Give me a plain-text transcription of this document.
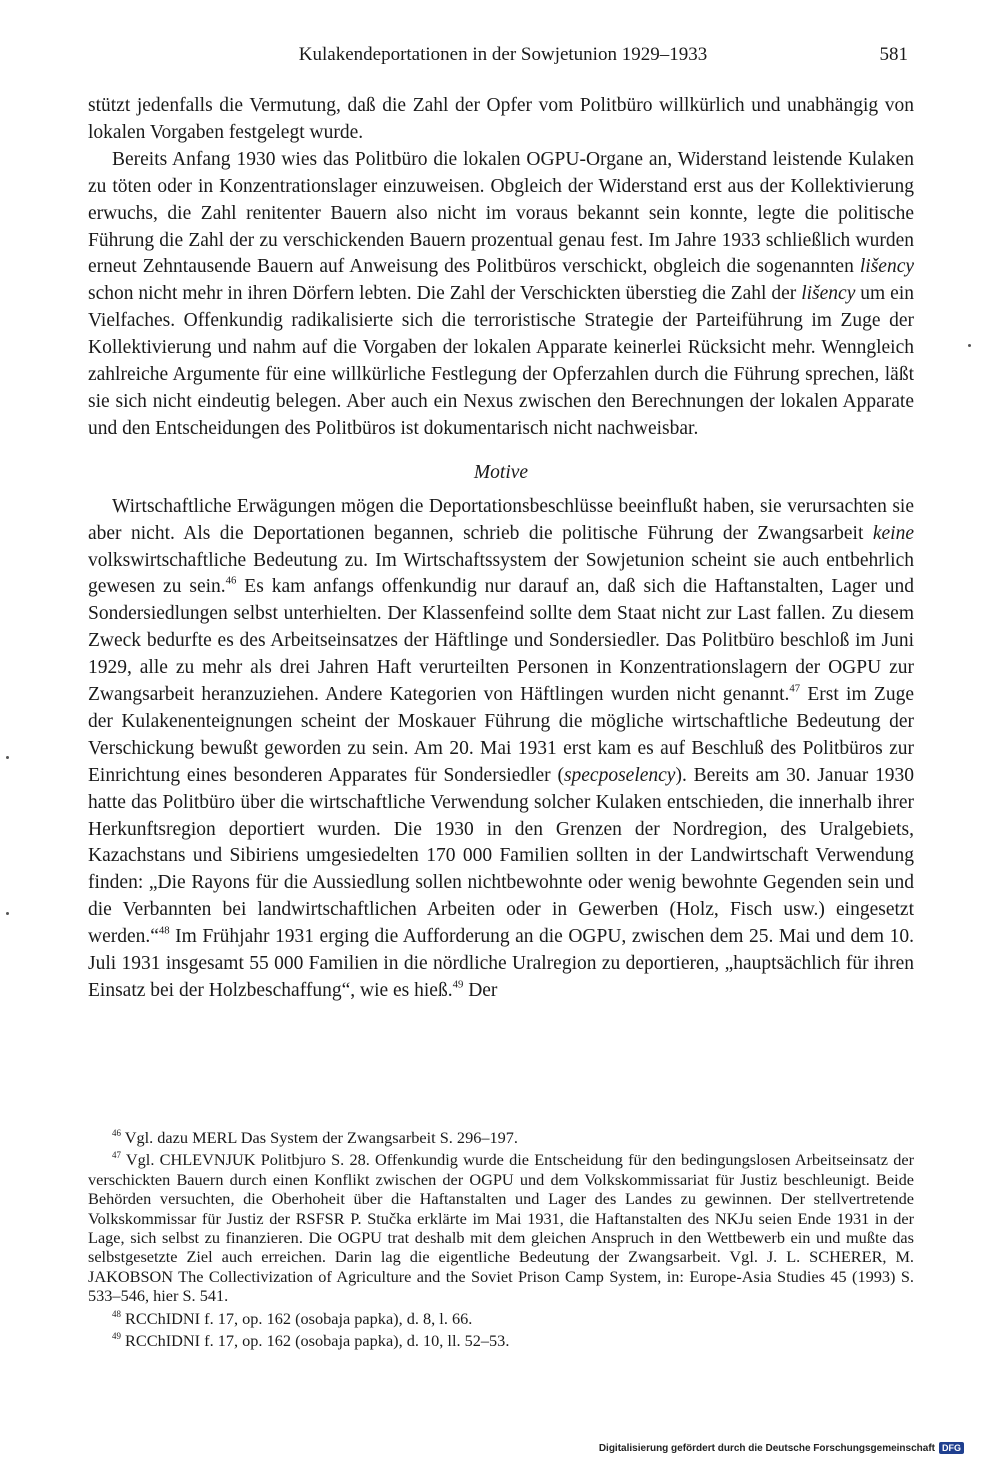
Kulakendeportationen in der Sowjetunion 1929–1933	581

stützt jedenfalls die Vermutung, daß die Zahl der Opfer vom Politbüro willkürlich und unabhängig von lokalen Vorgaben festgelegt wurde.

Bereits Anfang 1930 wies das Politbüro die lokalen OGPU-Organe an, Widerstand leistende Kulaken zu töten oder in Konzentrationslager einzuweisen. Obgleich der Widerstand erst aus der Kollektivierung erwuchs, die Zahl renitenter Bauern also nicht im voraus bekannt sein konnte, legte die politische Führung die Zahl der zu verschickenden Bauern prozentual genau fest. Im Jahre 1933 schließlich wurden erneut Zehntausende Bauern auf Anweisung des Politbüros verschickt, obgleich die sogenannten lišency schon nicht mehr in ihren Dörfern lebten. Die Zahl der Verschickten überstieg die Zahl der lišency um ein Vielfaches. Offenkundig radikalisierte sich die terroristische Strategie der Parteiführung im Zuge der Kollektivierung und nahm auf die Vorgaben der lokalen Apparate keinerlei Rücksicht mehr. Wenngleich zahlreiche Argumente für eine willkürliche Festlegung der Opferzahlen durch die Führung sprechen, läßt sie sich nicht eindeutig belegen. Aber auch ein Nexus zwischen den Berechnungen der lokalen Apparate und den Entscheidungen des Politbüros ist dokumentarisch nicht nachweisbar.

Motive

Wirtschaftliche Erwägungen mögen die Deportationsbeschlüsse beeinflußt haben, sie verursachten sie aber nicht. Als die Deportationen begannen, schrieb die politische Führung der Zwangsarbeit keine volkswirtschaftliche Bedeutung zu. Im Wirtschaftssystem der Sowjetunion scheint sie auch entbehrlich gewesen zu sein.$^{46}$ Es kam anfangs offenkundig nur darauf an, daß sich die Haftanstalten, Lager und Sondersiedlungen selbst unterhielten. Der Klassenfeind sollte dem Staat nicht zur Last fallen. Zu diesem Zweck bedurfte es des Arbeitseinsatzes der Häftlinge und Sondersiedler. Das Politbüro beschloß im Juni 1929, alle zu mehr als drei Jahren Haft verurteilten Personen in Konzentrationslagern der OGPU zur Zwangsarbeit heranzuziehen. Andere Kategorien von Häftlingen wurden nicht genannt.$^{47}$ Erst im Zuge der Kulakenenteignungen scheint der Moskauer Führung die mögliche wirtschaftliche Bedeutung der Verschickung bewußt geworden zu sein. Am 20. Mai 1931 erst kam es auf Beschluß des Politbüros zur Einrichtung eines besonderen Apparates für Sondersiedler (specposelency). Bereits am 30. Januar 1930 hatte das Politbüro über die wirtschaftliche Verwendung solcher Kulaken entschieden, die innerhalb ihrer Herkunftsregion deportiert wurden. Die 1930 in den Grenzen der Nordregion, des Uralgebiets, Kazachstans und Sibiriens umgesiedelten 170 000 Familien sollten in der Landwirtschaft Verwendung finden: „Die Rayons für die Aussiedlung sollen nichtbewohnte oder wenig bewohnte Gegenden sein und die Verbannten bei landwirtschaftlichen Arbeiten oder in Gewerben (Holz, Fisch usw.) eingesetzt werden.“$^{48}$ Im Frühjahr 1931 erging die Aufforderung an die OGPU, zwischen dem 25. Mai und dem 10. Juli 1931 insgesamt 55 000 Familien in die nördliche Uralregion zu deportieren, „hauptsächlich für ihren Einsatz bei der Holzbeschaffung“, wie es hieß.$^{49}$ Der

$^{46}$ Vgl. dazu MERL Das System der Zwangsarbeit S. 296–197.

$^{47}$ Vgl. CHLEVNJUK Politbjuro S. 28. Offenkundig wurde die Entscheidung für den bedingungslosen Arbeitseinsatz der verschickten Bauern durch einen Konflikt zwischen der OGPU und dem Volkskommissariat für Justiz beschleunigt. Beide Behörden versuchten, die Oberhoheit über die Haftanstalten und Lager des Landes zu gewinnen. Der stellvertretende Volkskommissar für Justiz der RSFSR P. Stučka erklärte im Mai 1931, die Haftanstalten des NKJu seien Ende 1931 in der Lage, sich selbst zu finanzieren. Die OGPU trat deshalb mit dem gleichen Anspruch in den Wettbewerb ein und mußte das selbstgesetzte Ziel auch erreichen. Darin lag die eigentliche Bedeutung der Zwangsarbeit. Vgl. J. L. SCHERER, M. JAKOBSON The Collectivization of Agriculture and the Soviet Prison Camp System, in: Europe-Asia Studies 45 (1993) S. 533–546, hier S. 541.

$^{48}$ RCChIDNI f. 17, op. 162 (osobaja papka), d. 8, l. 66.

$^{49}$ RCChIDNI f. 17, op. 162 (osobaja papka), d. 10, ll. 52–53.

Digitalisierung gefördert durch die Deutsche Forschungsgemeinschaft DFG
